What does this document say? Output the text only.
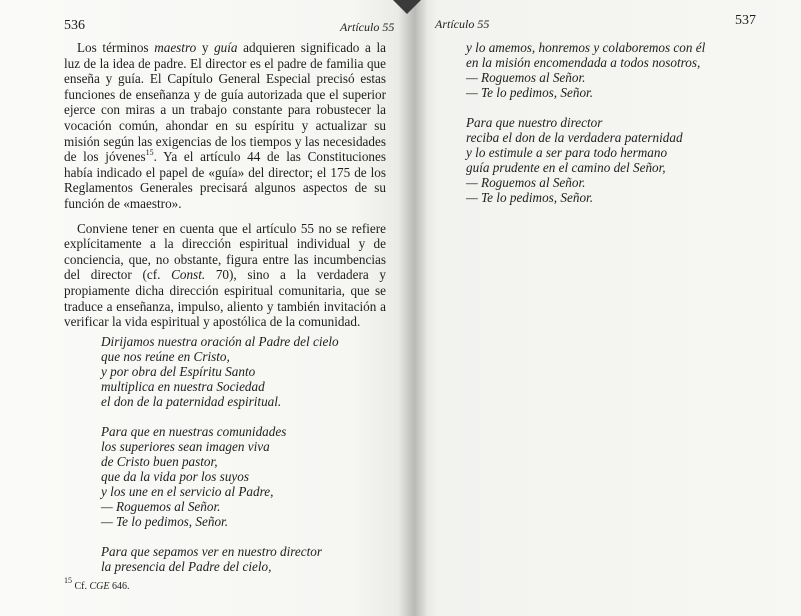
536	Artículo 55

Los términos maestro y guía adquieren significado a la luz de la idea de padre. El director es el padre de familia que enseña y guía. El Capítulo General Especial precisó estas funciones de enseñanza y de guía autorizada que el superior ejerce con miras a un trabajo constante para robustecer la vocación común, ahondar en su espíritu y actualizar su misión según las exigencias de los tiempos y las necesidades de los jóvenes$^{15}$. Ya el artículo 44 de las Constituciones había indicado el papel de «guía» del director; el 175 de los Reglamentos Generales precisará algunos aspectos de su función de «maestro».

Conviene tener en cuenta que el artículo 55 no se refiere explícitamente a la dirección espiritual individual y de conciencia, que, no obstante, figura entre las incumbencias del director (cf. Const. 70), sino a la verdadera y propiamente dicha dirección espiritual comunitaria, que se traduce a enseñanza, impulso, aliento y también invitación a verificar la vida espiritual y apostólica de la comunidad.

Dirijamos nuestra oración al Padre del cielo
que nos reúne en Cristo,
y por obra del Espíritu Santo
multiplica en nuestra Sociedad
el don de la paternidad espiritual.
Para que en nuestras comunidades
los superiores sean imagen viva
de Cristo buen pastor,
que da la vida por los suyos
y los une en el servicio al Padre,
— Roguemos al Señor.
— Te lo pedimos, Señor.
Para que sepamos ver en nuestro director
la presencia del Padre del cielo,
$^{15}$ Cf. CGE 646.
Artículo 55	537
y lo amemos, honremos y colaboremos con él
en la misión encomendada a todos nosotros,
— Roguemos al Señor.
— Te lo pedimos, Señor.
Para que nuestro director
reciba el don de la verdadera paternidad
y lo estimule a ser para todo hermano
guía prudente en el camino del Señor,
— Roguemos al Señor.
— Te lo pedimos, Señor.
